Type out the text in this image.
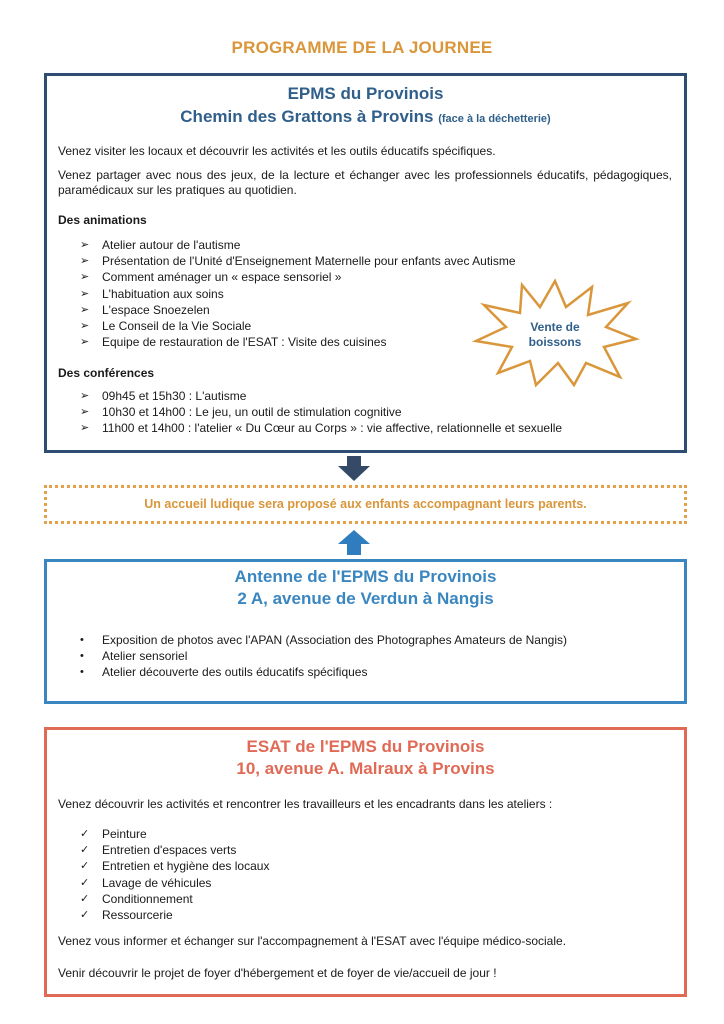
PROGRAMME DE LA JOURNEE
EPMS du Provinois
Chemin des Grattons à Provins (face à la déchetterie)
Venez visiter les locaux et découvrir les activités et les outils éducatifs spécifiques.
Venez partager avec nous des jeux, de la lecture et échanger avec les professionnels éducatifs, pédagogiques, paramédicaux sur les pratiques au quotidien.
Des animations
➢	Atelier autour de l'autisme
➢	Présentation de l'Unité d'Enseignement Maternelle pour enfants avec Autisme
➢	Comment aménager un « espace sensoriel »
➢	L'habituation aux soins
➢	L'espace Snoezelen
➢	Le Conseil de la Vie Sociale
➢	Equipe de restauration de l'ESAT : Visite des cuisines
Vente de
boissons
Des conférences
➢	09h45 et 15h30 : L'autisme
➢	10h30 et 14h00 : Le jeu, un outil de stimulation cognitive
➢	11h00 et 14h00 : l'atelier « Du Cœur au Corps » : vie affective, relationnelle et sexuelle
Un accueil ludique sera proposé aux enfants accompagnant leurs parents.
Antenne de l'EPMS du Provinois
2 A, avenue de Verdun à Nangis
•	Exposition de photos avec l'APAN (Association des Photographes Amateurs de Nangis)
•	Atelier sensoriel
•	Atelier découverte des outils éducatifs spécifiques
ESAT de l'EPMS du Provinois
10, avenue A. Malraux à Provins
Venez découvrir les activités et rencontrer les travailleurs et les encadrants dans les ateliers :
✓	Peinture
✓	Entretien d'espaces verts
✓	Entretien et hygiène des locaux
✓	Lavage de véhicules
✓	Conditionnement
✓	Ressourcerie
Venez vous informer et échanger sur l'accompagnement à l'ESAT avec l'équipe médico-sociale.
Venir découvrir le projet de foyer d'hébergement et de foyer de vie/accueil de jour !
